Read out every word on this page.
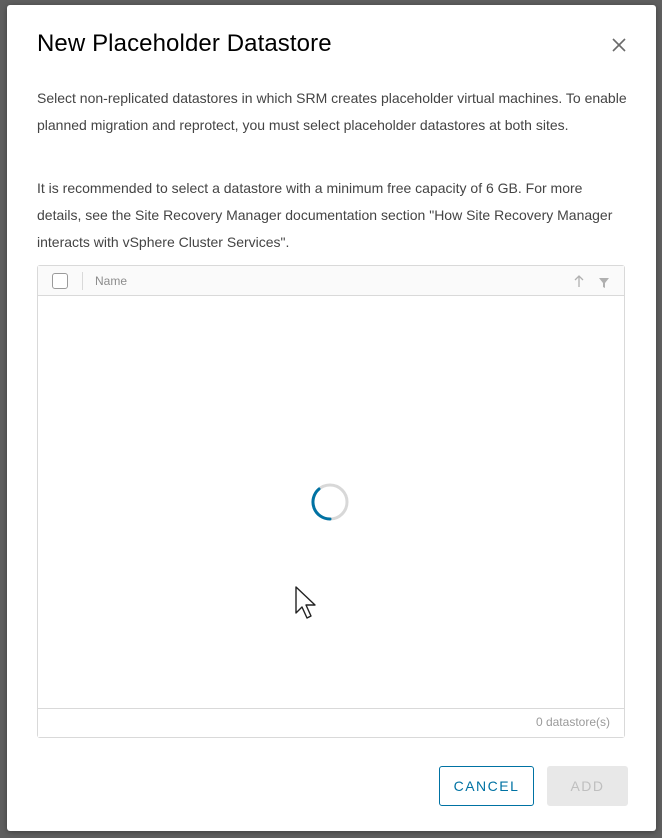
New Placeholder Datastore

Select non-replicated datastores in which SRM creates placeholder virtual machines. To enable planned migration and reprotect, you must select placeholder datastores at both sites.

It is recommended to select a datastore with a minimum free capacity of 6 GB. For more details, see the Site Recovery Manager documentation section "How Site Recovery Manager interacts with vSphere Cluster Services".

Name
0 datastore(s)
CANCEL	ADD
